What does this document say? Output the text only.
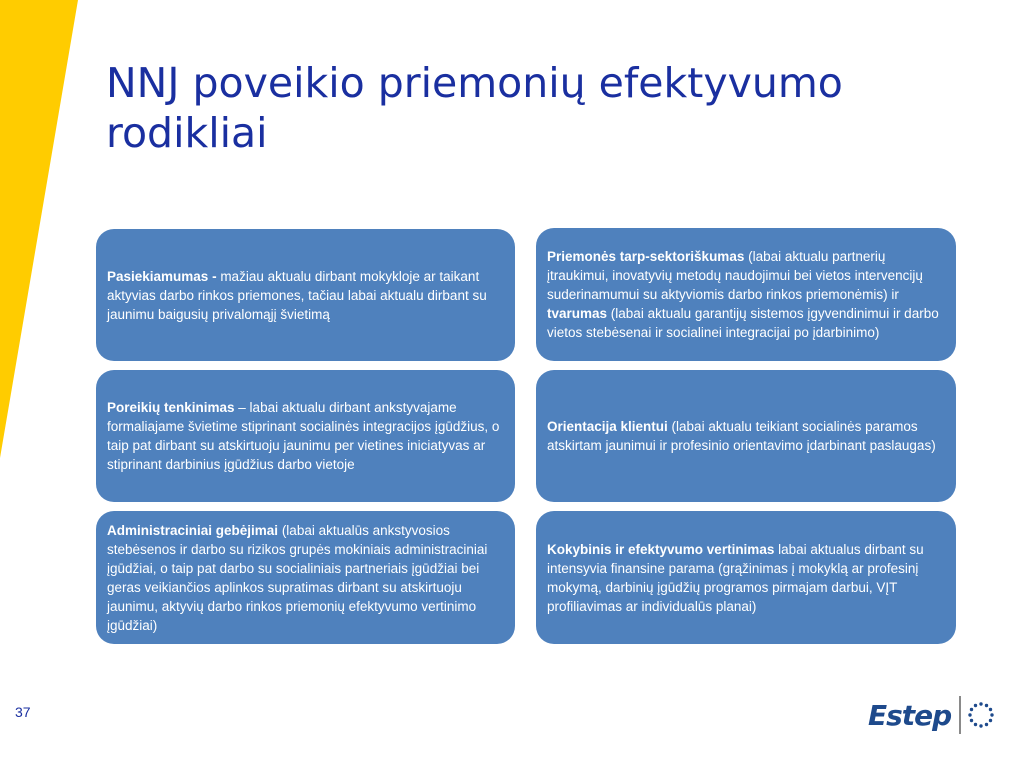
NNJ poveikio priemonių efektyvumo rodikliai

Pasiekiamumas - mažiau aktualu dirbant mokykloje ar taikant aktyvias darbo rinkos priemones, tačiau labai aktualu dirbant su jaunimu baigusių privalomąjį švietimą

Poreikių tenkinimas – labai aktualu dirbant ankstyvajame formaliajame švietime stiprinant socialinės integracijos įgūdžius, o taip pat dirbant su atskirtuoju jaunimu per vietines iniciatyvas ar stiprinant darbinius įgūdžius darbo vietoje

Administraciniai gebėjimai (labai aktualūs ankstyvosios stebėsenos ir darbo su rizikos grupės mokiniais administraciniai įgūdžiai, o taip pat darbo su socialiniais partneriais įgūdžiai bei geras veikiančios aplinkos supratimas dirbant su atskirtuoju jaunimu, aktyvių darbo rinkos priemonių efektyvumo vertinimo įgūdžiai)

Priemonės tarp-sektoriškumas (labai aktualu partnerių įtraukimui, inovatyvių metodų naudojimui bei vietos intervencijų suderinamumui su aktyviomis darbo rinkos priemonėmis) ir tvarumas (labai aktualu garantijų sistemos įgyvendinimui ir darbo vietos stebėsenai ir socialinei integracijai po įdarbinimo)

Orientacija klientui (labai aktualu teikiant socialinės paramos atskirtam jaunimui ir profesinio orientavimo įdarbinant paslaugas)

Kokybinis ir efektyvumo vertinimas labai aktualus dirbant su intensyvia finansine parama (grąžinimas į mokyklą ar profesinį mokymą, darbinių įgūdžių programos pirmajam darbui, VĮT profiliavimas ar individualūs planai)

37	Estep
